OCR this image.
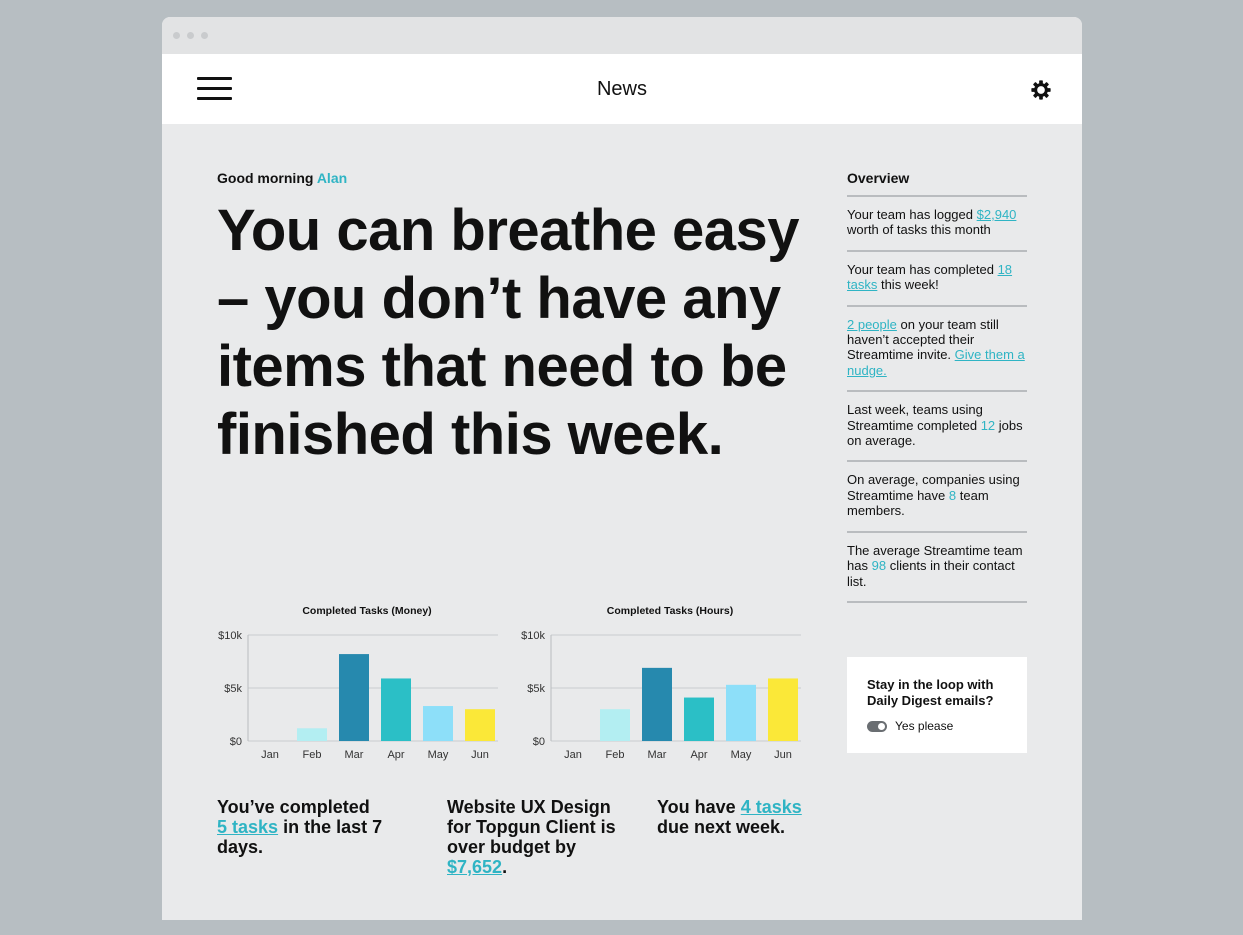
News
Good morning Alan
You can breathe easy – you don’t have any items that need to be finished this week.
Completed Tasks (Money)
$10k
$5k
$0
Jan Feb Mar Apr May Jun
Completed Tasks (Hours)
$10k
$5k
$0
Jan Feb Mar Apr May Jun
You’ve completed
5 tasks in the last 7 days.
Website UX Design for Topgun Client is over budget by $7,652.
You have 4 tasks due next week.
Overview
Your team has logged $2,940 worth of tasks this month
Your team has completed 18 tasks this week!
2 people on your team still haven’t accepted their Streamtime invite. Give them a nudge.
Last week, teams using Streamtime completed 12 jobs on average.
On average, companies using Streamtime have 8 team members.
The average Streamtime team has 98 clients in their contact list.
Stay in the loop with Daily Digest emails?
Yes please
